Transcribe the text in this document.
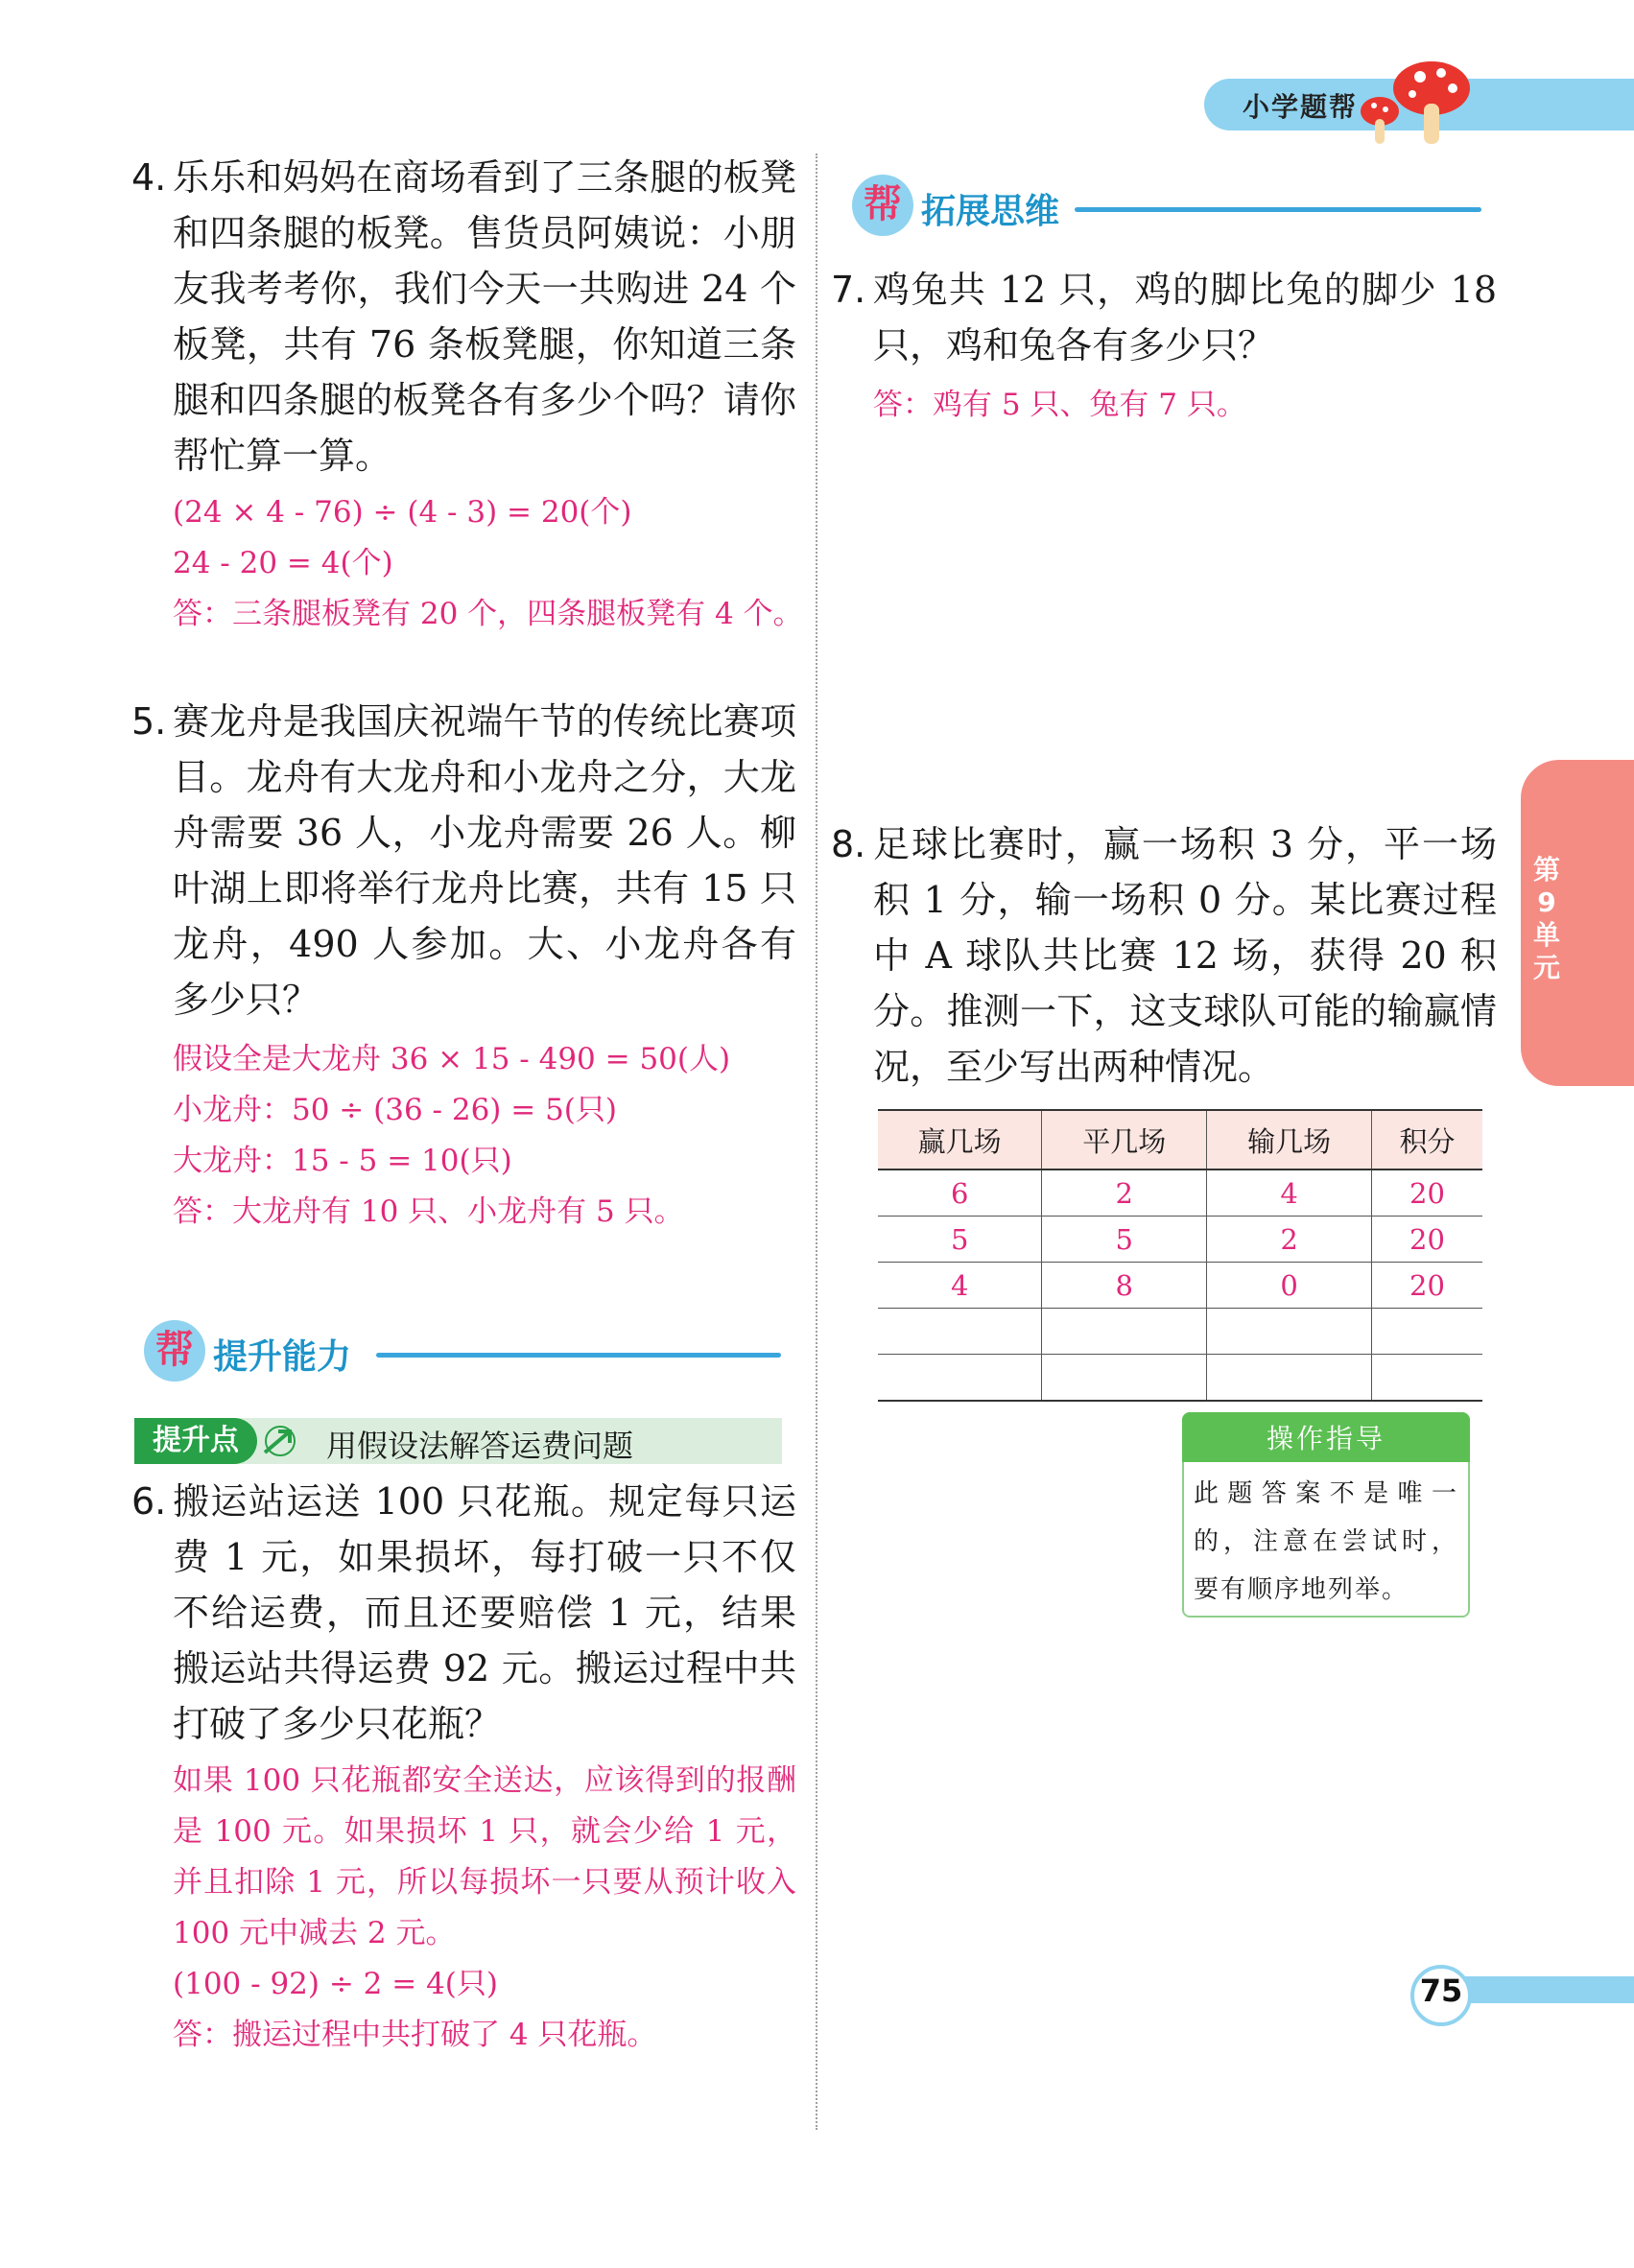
小学题帮
4. 乐乐和妈妈在商场看到了三条腿的板凳和四条腿的板凳。售货员阿姨说：小朋友我考考你，我们今天一共购进 24 个板凳，共有 76 条板凳腿，你知道三条腿和四条腿的板凳各有多少个吗？请你帮忙算一算。
(24 × 4 - 76) ÷ (4 - 3) = 20(个)
24 - 20 = 4(个)
答：三条腿板凳有 20 个，四条腿板凳有 4 个。
5. 赛龙舟是我国庆祝端午节的传统比赛项目。龙舟有大龙舟和小龙舟之分，大龙舟需要 36 人，小龙舟需要 26 人。柳叶湖上即将举行龙舟比赛，共有 15 只龙舟，490 人参加。大、小龙舟各有多少只？
假设全是大龙舟 36 × 15 - 490 = 50(人)
小龙舟：50 ÷ (36 - 26) = 5(只)
大龙舟：15 - 5 = 10(只)
答：大龙舟有 10 只、小龙舟有 5 只。
帮 提升能力
提升点	用假设法解答运费问题
6. 搬运站运送 100 只花瓶。规定每只运费 1 元，如果损坏，每打破一只不仅不给运费，而且还要赔偿 1 元，结果搬运站共得运费 92 元。搬运过程中共打破了多少只花瓶？
如果 100 只花瓶都安全送达，应该得到的报酬是 100 元。如果损坏 1 只，就会少给 1 元，并且扣除 1 元，所以每损坏一只要从预计收入 100 元中减去 2 元。
(100 - 92) ÷ 2 = 4(只)
答：搬运过程中共打破了 4 只花瓶。
帮 拓展思维
7. 鸡兔共 12 只，鸡的脚比兔的脚少 18 只，鸡和兔各有多少只？
答：鸡有 5 只、兔有 7 只。
8. 足球比赛时，赢一场积 3 分，平一场积 1 分，输一场积 0 分。某比赛过程中 A 球队共比赛 12 场，获得 20 积分。推测一下，这支球队可能的输赢情况，至少写出两种情况。
赢几场	平几场	输几场	积分
6	2	4	20
5	5	2	20
4	8	0	20

操作指导
此题答案不是唯一的，注意在尝试时，要有顺序地列举。
第9单元
75
